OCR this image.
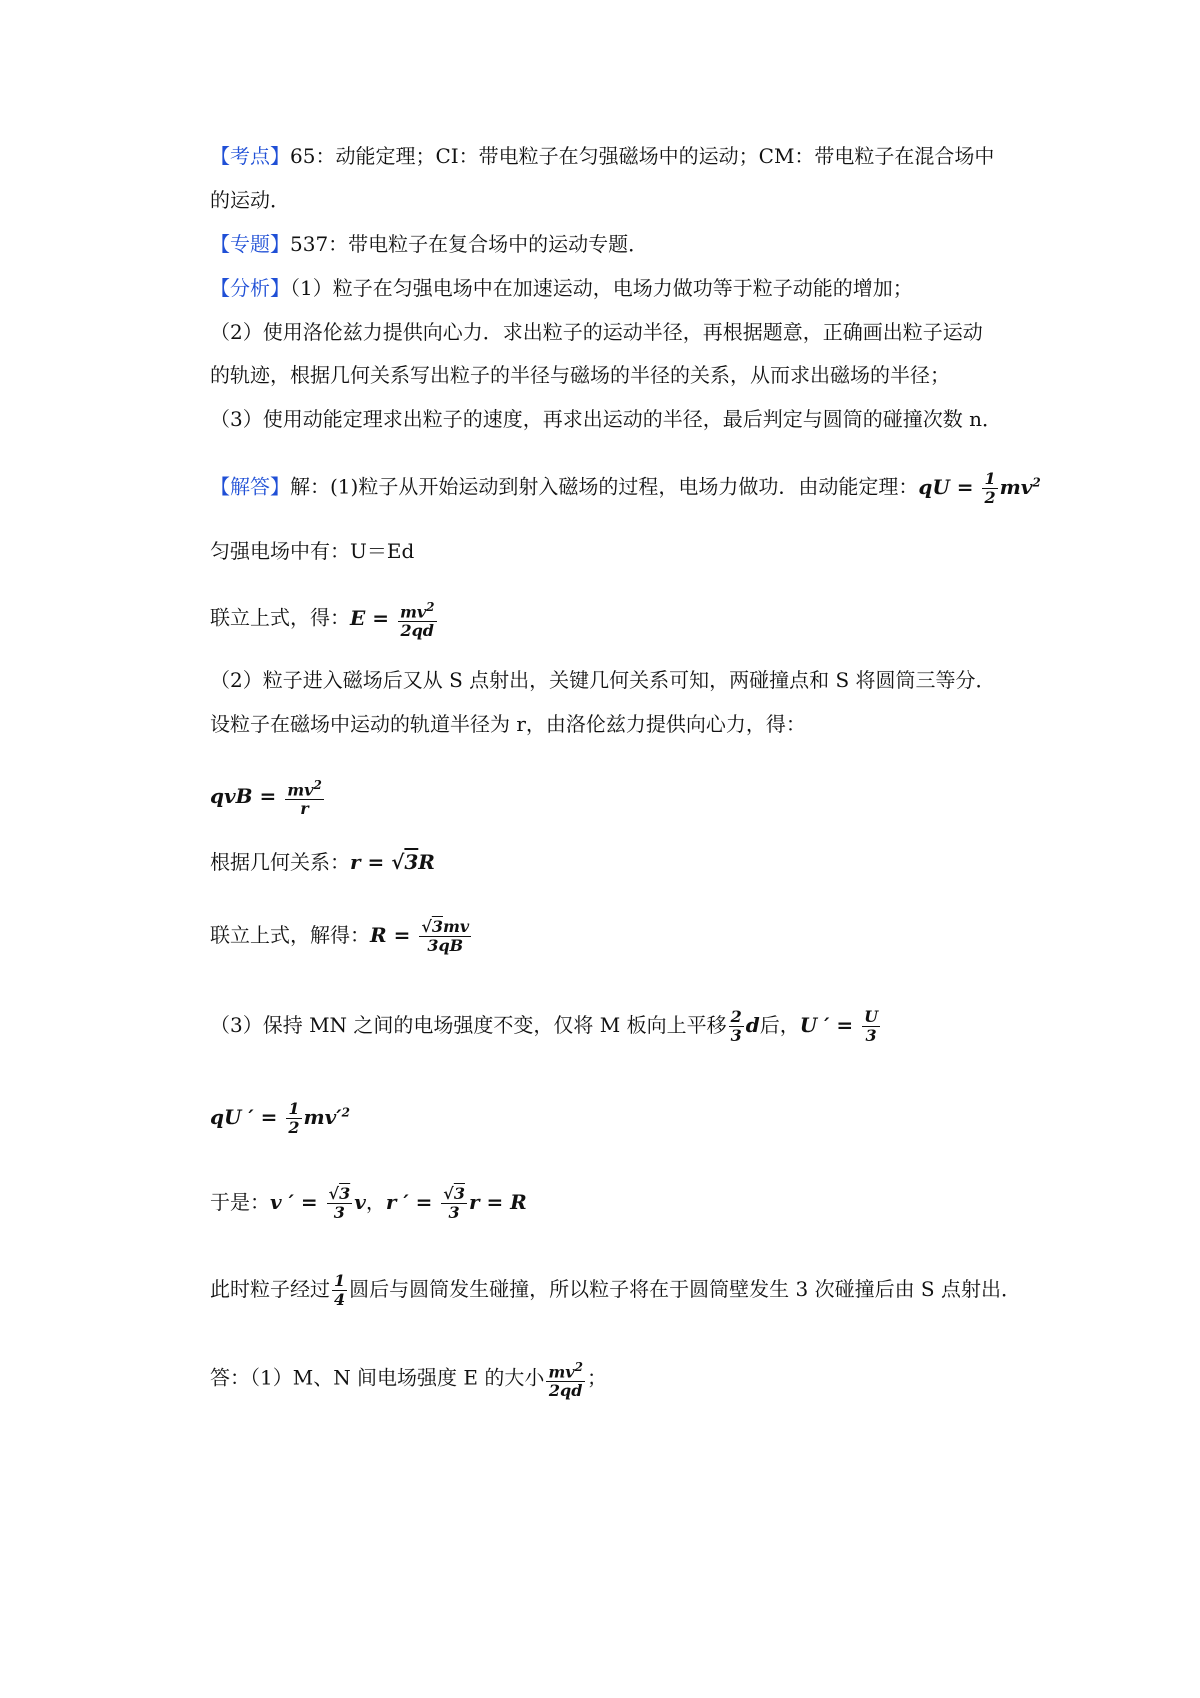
【考点】65：动能定理；CI：带电粒子在匀强磁场中的运动；CM：带电粒子在混合场中
的运动．
【专题】537：带电粒子在复合场中的运动专题．
【分析】（1）粒子在匀强电场中在加速运动，电场力做功等于粒子动能的增加；
（2）使用洛伦兹力提供向心力．求出粒子的运动半径，再根据题意，正确画出粒子运动
的轨迹，根据几何关系写出粒子的半径与磁场的半径的关系，从而求出磁场的半径；
（3）使用动能定理求出粒子的速度，再求出运动的半径，最后判定与圆筒的碰撞次数 n．
【解答】解：(1)粒子从开始运动到射入磁场的过程，电场力做功．由动能定理：qU = $\frac{1}{2} mv^2$
匀强电场中有：U＝Ed
联立上式，得：$E = \frac{mv^2}{2qd}$
（2）粒子进入磁场后又从 S 点射出，关键几何关系可知，两碰撞点和 S 将圆筒三等分．
设粒子在磁场中运动的轨道半径为 r，由洛伦兹力提供向心力，得：
qvB = $\frac{mv^2}{r}$
根据几何关系：r = √3R
联立上式，解得：$R = \frac{√3mv}{3qB}$
（3）保持 MN 之间的电场强度不变，仅将 M 板向上平移 $\frac{2}{3}$ d后，U ′ = $\frac{U}{3}$
qU ′ = $\frac{1}{2} mv'^2$
于是：v ′ = $\frac{√3}{3}$ v，r ′ = $\frac{√3}{3}$ r = R
此时粒子经过 $\frac{1}{4}$ 圆后与圆筒发生碰撞，所以粒子将在于圆筒壁发生 3 次碰撞后由 S 点射出．
答：（1）M、N 间电场强度 E 的大小 $\frac{mv^2}{2qd}$ ；
